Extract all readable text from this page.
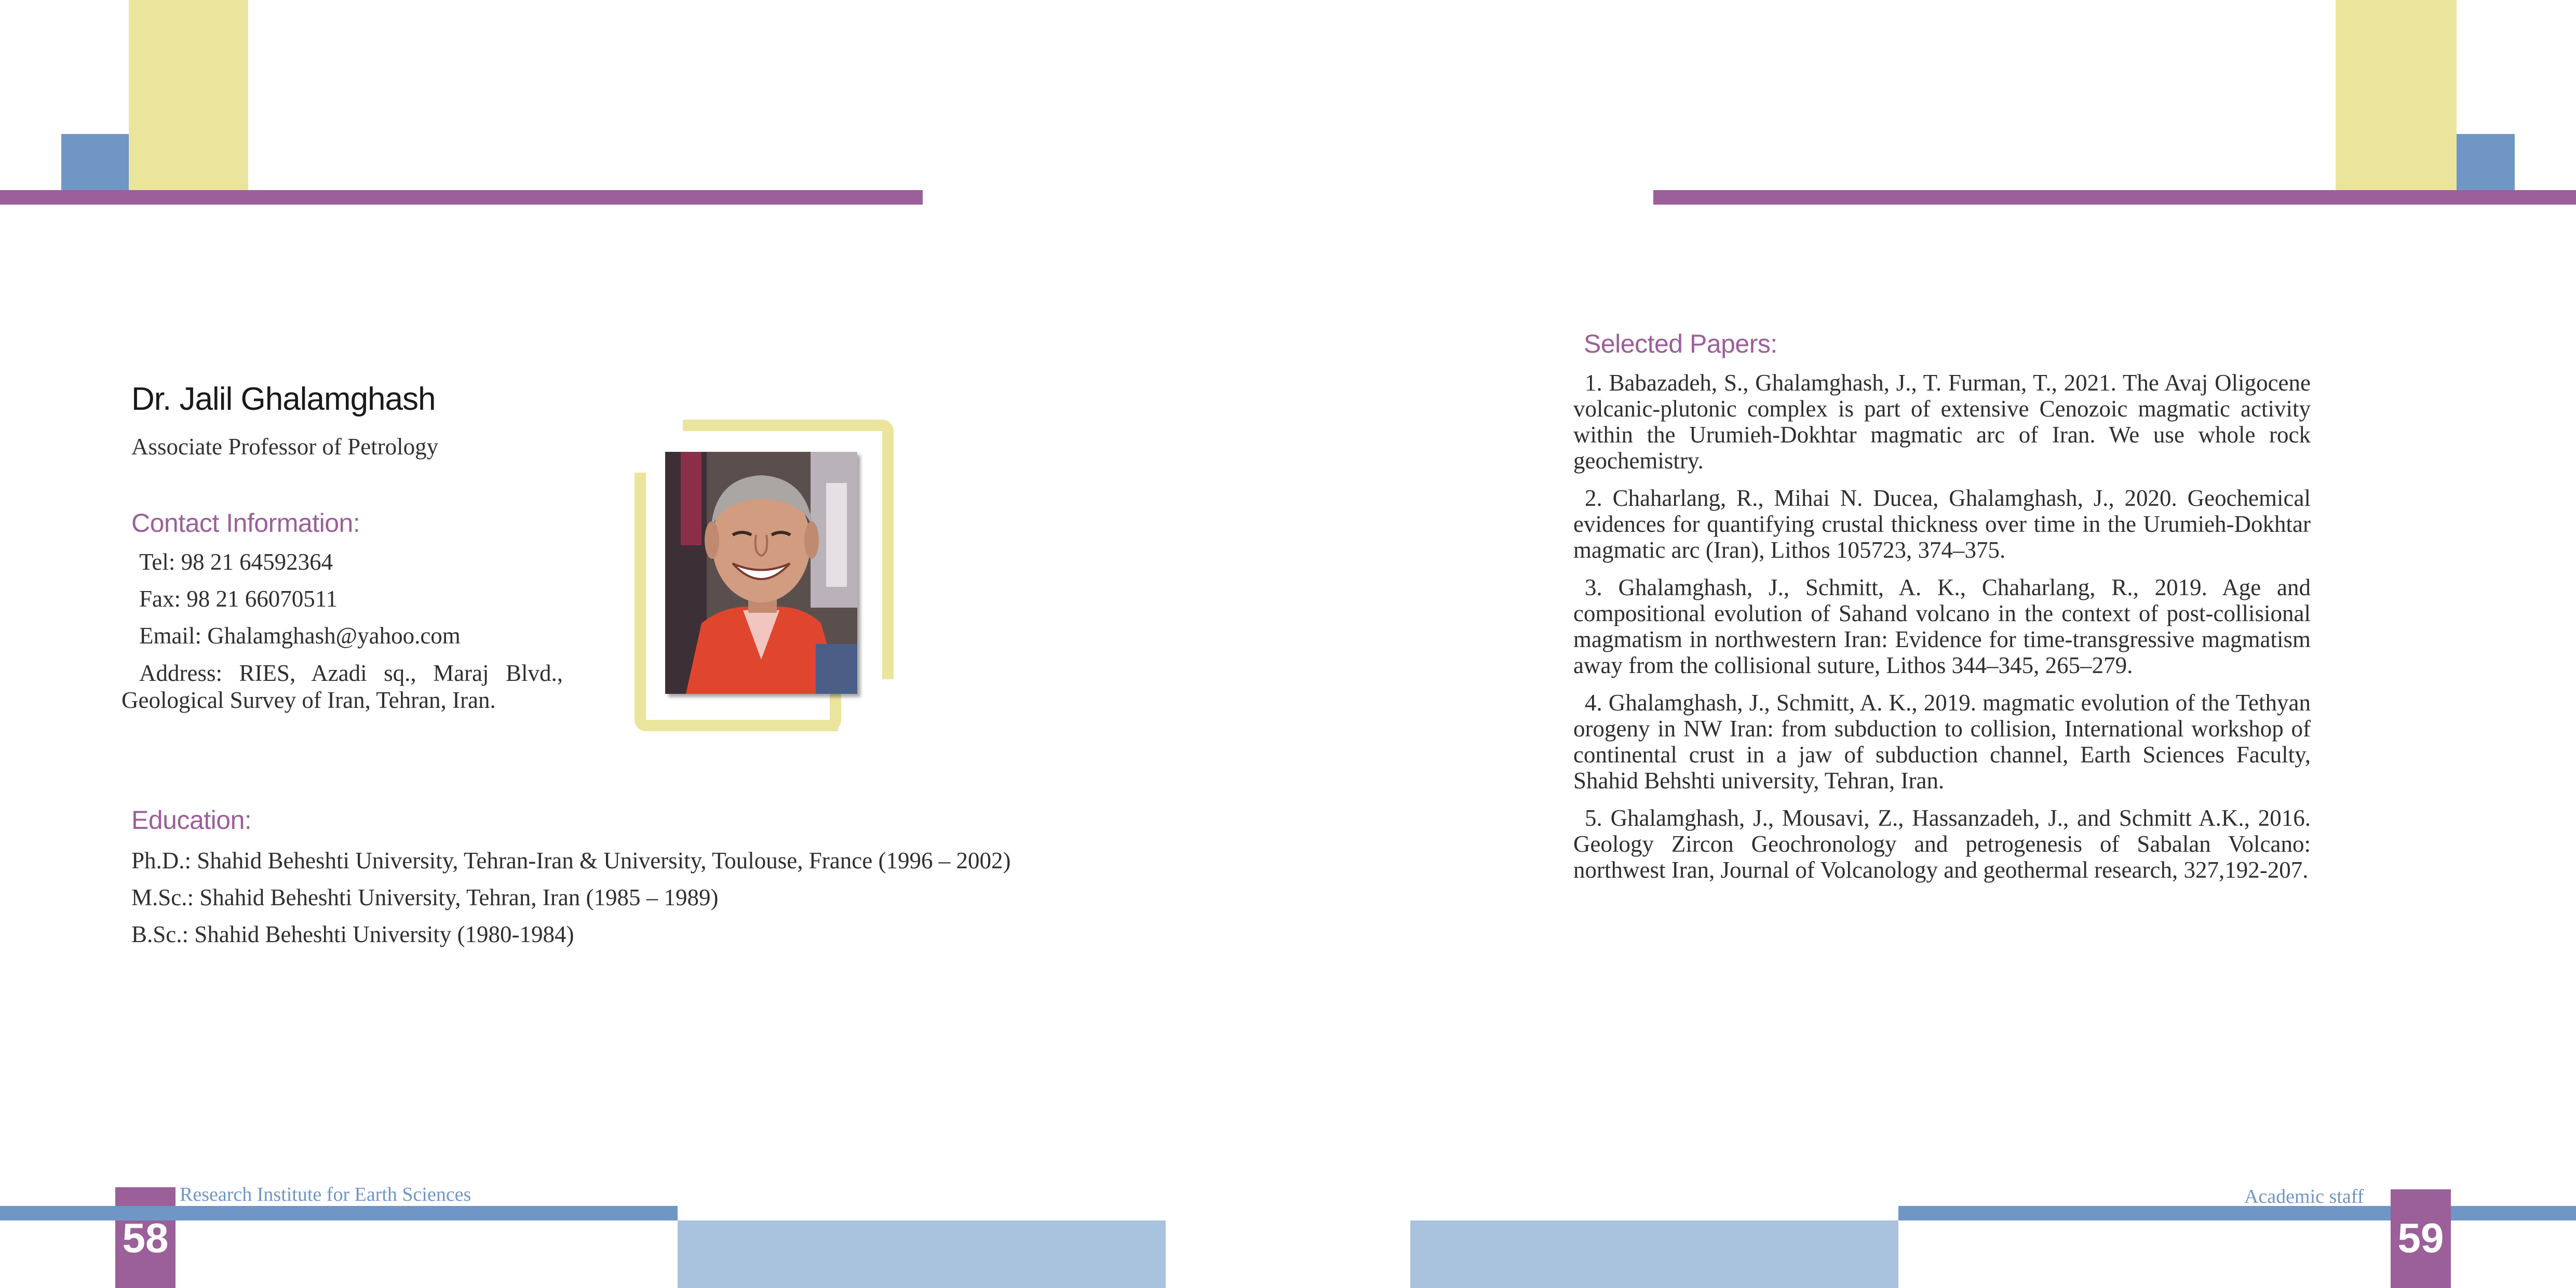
Dr. Jalil Ghalamghash
Associate Professor of Petrology
Contact Information:
Tel: 98 21 64592364
Fax: 98 21 66070511
Email: Ghalamghash@yahoo.com
Address: RIES, Azadi sq., Maraj Blvd., Geological Survey of Iran, Tehran, Iran.
Education:
Ph.D.: Shahid Beheshti University, Tehran-Iran & University, Toulouse, France (1996 – 2002)
M.Sc.: Shahid Beheshti University, Tehran, Iran (1985 – 1989)
B.Sc.: Shahid Beheshti University (1980-1984)
Selected Papers:

1. Babazadeh, S., Ghalamghash, J., T. Furman, T., 2021. The Avaj Oligocene volcanic-plutonic complex is part of extensive Cenozoic magmatic activity within the Urumieh-Dokhtar magmatic arc of Iran. We use whole rock geochemistry.

2. Chaharlang, R., Mihai N. Ducea, Ghalamghash, J., 2020. Geochemical evidences for quantifying crustal thickness over time in the Urumieh-Dokhtar magmatic arc (Iran), Lithos 105723, 374–375.

3. Ghalamghash, J., Schmitt, A. K., Chaharlang, R., 2019. Age and compositional evolution of Sahand volcano in the context of post-collisional magmatism in northwestern Iran: Evidence for time-transgressive magmatism away from the collisional suture, Lithos 344–345, 265–279.

4. Ghalamghash, J., Schmitt, A. K., 2019. magmatic evolution of the Tethyan orogeny in NW Iran: from subduction to collision, International workshop of continental crust in a jaw of subduction channel, Earth Sciences Faculty, Shahid Behshti university, Tehran, Iran.

5. Ghalamghash, J., Mousavi, Z., Hassanzadeh, J., and Schmitt A.K., 2016. Geology Zircon Geochronology and petrogenesis of Sabalan Volcano: northwest Iran, Journal of Volcanology and geothermal research, 327,192-207.

Research Institute for Earth Sciences
58
Academic staff
59
